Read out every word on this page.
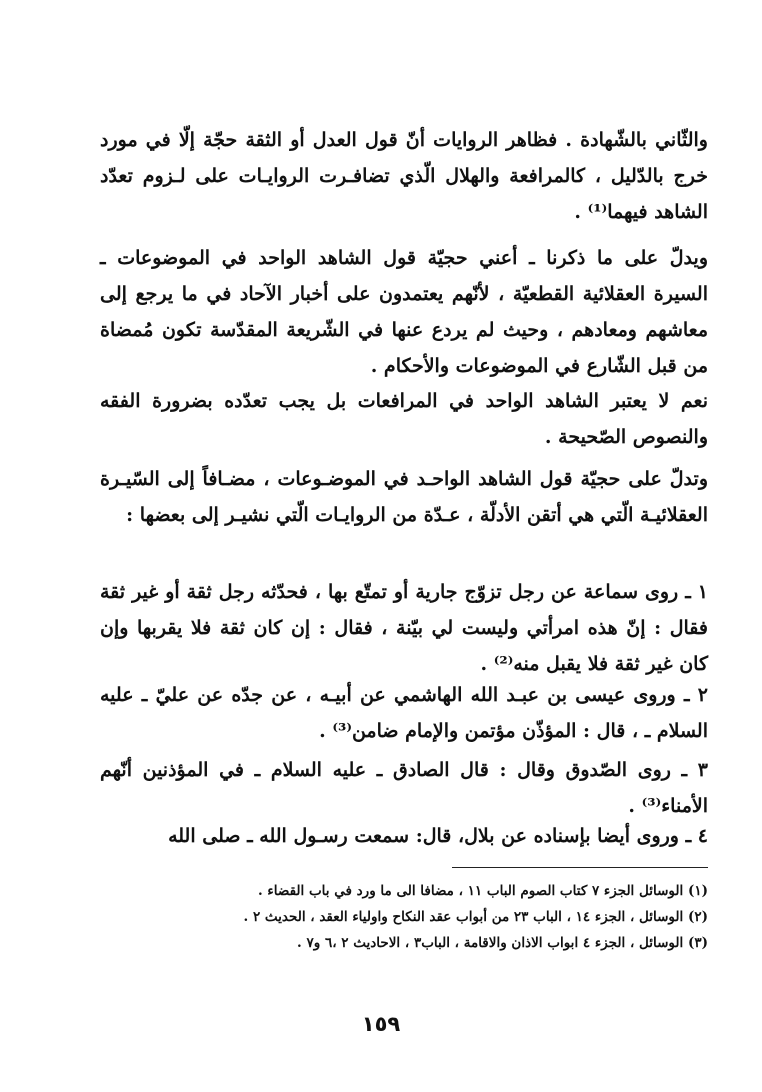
والثّاني بالشّهادة . فظاهر الروايات أنّ قول العدل أو الثقة حجّة إلّا في مورد خرج بالدّليل ، كالمرافعة والهلال الّذي تضافـرت الروايـات على لـزوم تعدّد الشاهد فيهما⁽¹⁾ .

ويدلّ على ما ذكرنا ـ أعني حجيّة قول الشاهد الواحد في الموضوعات ـ السيرة العقلائية القطعيّة ، لأنّهم يعتمدون على أخبار الآحاد في ما يرجع إلى معاشهم ومعادهم ، وحيث لم يردع عنها في الشّريعة المقدّسة تكون مُمضاة من قبل الشّارع في الموضوعات والأحكام .

نعم لا يعتبر الشاهد الواحد في المرافعات بل يجب تعدّده بضرورة الفقه والنصوص الصّحيحة .

وتدلّ على حجيّة قول الشاهد الواحـد في الموضـوعات ، مضـافاً إلى السّيـرة العقلائيـة الّتي هي أتقن الأدلّة ، عـدّة من الروايـات الّتي نشيـر إلى بعضها :

١ ـ روى سماعة عن رجل تزوّج جارية أو تمتّع بها ، فحدّثه رجل ثقة أو غير ثقة فقال : إنّ هذه امرأتي وليست لي بيّنة ، فقال : إن كان ثقة فلا يقربها وإن كان غير ثقة فلا يقبل منه⁽²⁾ .

٢ ـ وروى عيسى بن عبـد الله الهاشمي عن أبيـه ، عن جدّه عن عليّ ـ عليه السلام ـ ، قال : المؤذّن مؤتمن والإمام ضامن⁽³⁾ .

٣ ـ روى الصّدوق وقال : قال الصادق ـ عليه السلام ـ في المؤذنين أنّهم الأمناء⁽³⁾ .

٤ ـ وروى أيضا بإسناده عن بلال، قال: سمعت رسـول الله ـ صلى الله

(١) الوسائل الجزء ٧ كتاب الصوم الباب ١١ ، مضافا الى ما ورد في باب القضاء .

(٢) الوسائل ، الجزء ١٤ ، الباب ٢٣ من أبواب عقد النكاح واولياء العقد ، الحديث ٢ .

(٣) الوسائل ، الجزء ٤ ابواب الاذان والاقامة ، الباب٣ ، الاحاديث ٢ ،٦ و٧ .

١٥٩
